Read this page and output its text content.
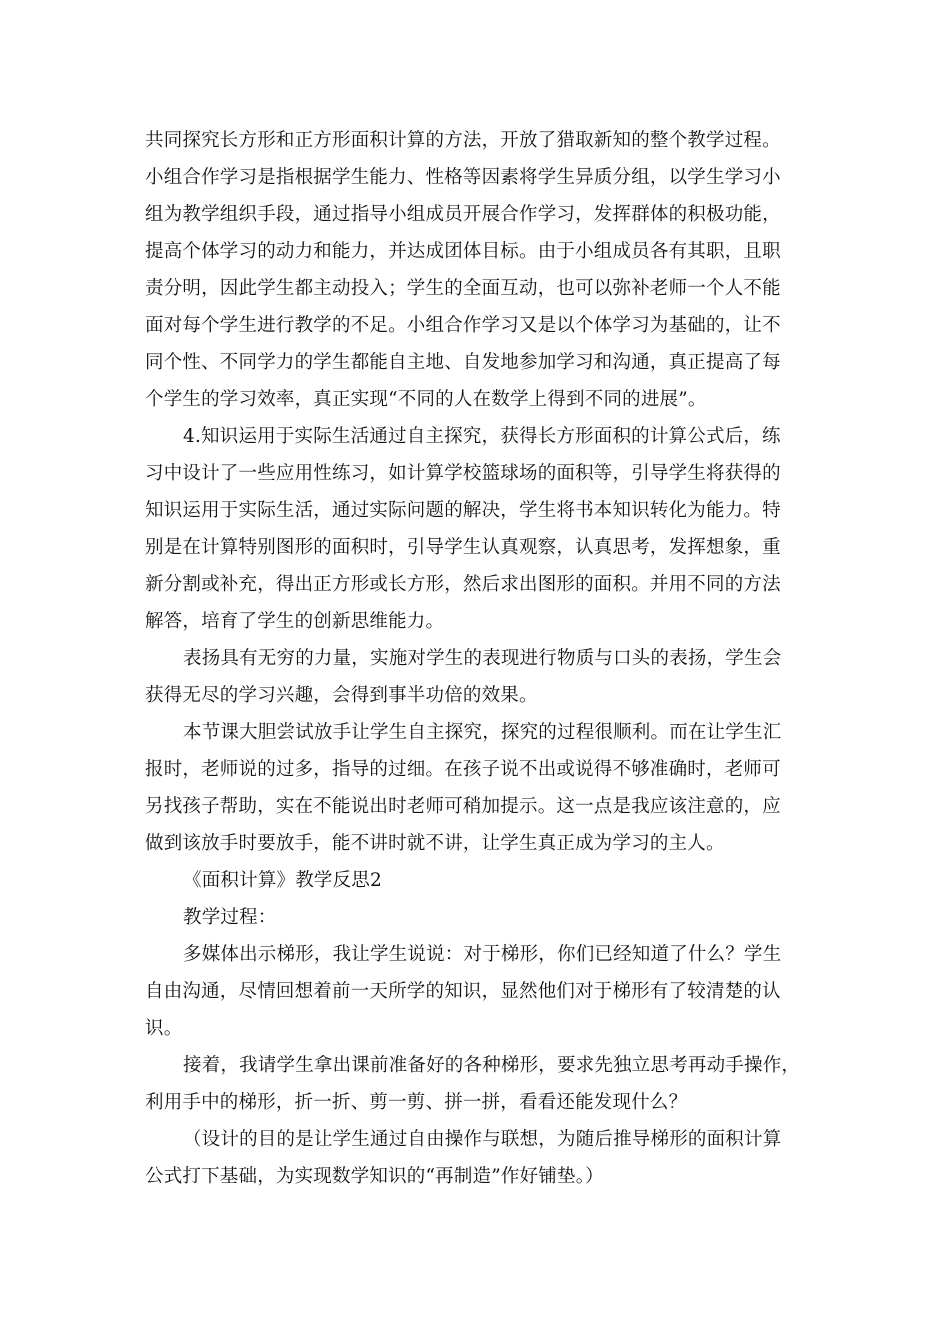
共同探究长方形和正方形面积计算的方法，开放了猎取新知的整个教学过程。
小组合作学习是指根据学生能力、性格等因素将学生异质分组，以学生学习小
组为教学组织手段，通过指导小组成员开展合作学习，发挥群体的积极功能，
提高个体学习的动力和能力，并达成团体目标。由于小组成员各有其职，且职
责分明，因此学生都主动投入；学生的全面互动，也可以弥补老师一个人不能
面对每个学生进行教学的不足。小组合作学习又是以个体学习为基础的，让不
同个性、不同学力的学生都能自主地、自发地参加学习和沟通，真正提高了每
个学生的学习效率，真正实现“不同的人在数学上得到不同的进展”。
4.知识运用于实际生活通过自主探究，获得长方形面积的计算公式后，练
习中设计了一些应用性练习，如计算学校篮球场的面积等，引导学生将获得的
知识运用于实际生活，通过实际问题的解决，学生将书本知识转化为能力。特
别是在计算特别图形的面积时，引导学生认真观察，认真思考，发挥想象，重
新分割或补充，得出正方形或长方形，然后求出图形的面积。并用不同的方法
解答，培育了学生的创新思维能力。
表扬具有无穷的力量，实施对学生的表现进行物质与口头的表扬，学生会
获得无尽的学习兴趣，会得到事半功倍的效果。
本节课大胆尝试放手让学生自主探究，探究的过程很顺利。而在让学生汇
报时，老师说的过多，指导的过细。在孩子说不出或说得不够准确时，老师可
另找孩子帮助，实在不能说出时老师可稍加提示。这一点是我应该注意的，应
做到该放手时要放手，能不讲时就不讲，让学生真正成为学习的主人。
《面积计算》教学反思2
教学过程：
多媒体出示梯形，我让学生说说：对于梯形，你们已经知道了什么？学生
自由沟通，尽情回想着前一天所学的知识，显然他们对于梯形有了较清楚的认
识。
接着，我请学生拿出课前准备好的各种梯形，要求先独立思考再动手操作，
利用手中的梯形，折一折、剪一剪、拼一拼，看看还能发现什么？
（设计的目的是让学生通过自由操作与联想，为随后推导梯形的面积计算
公式打下基础，为实现数学知识的“再制造”作好铺垫。）
